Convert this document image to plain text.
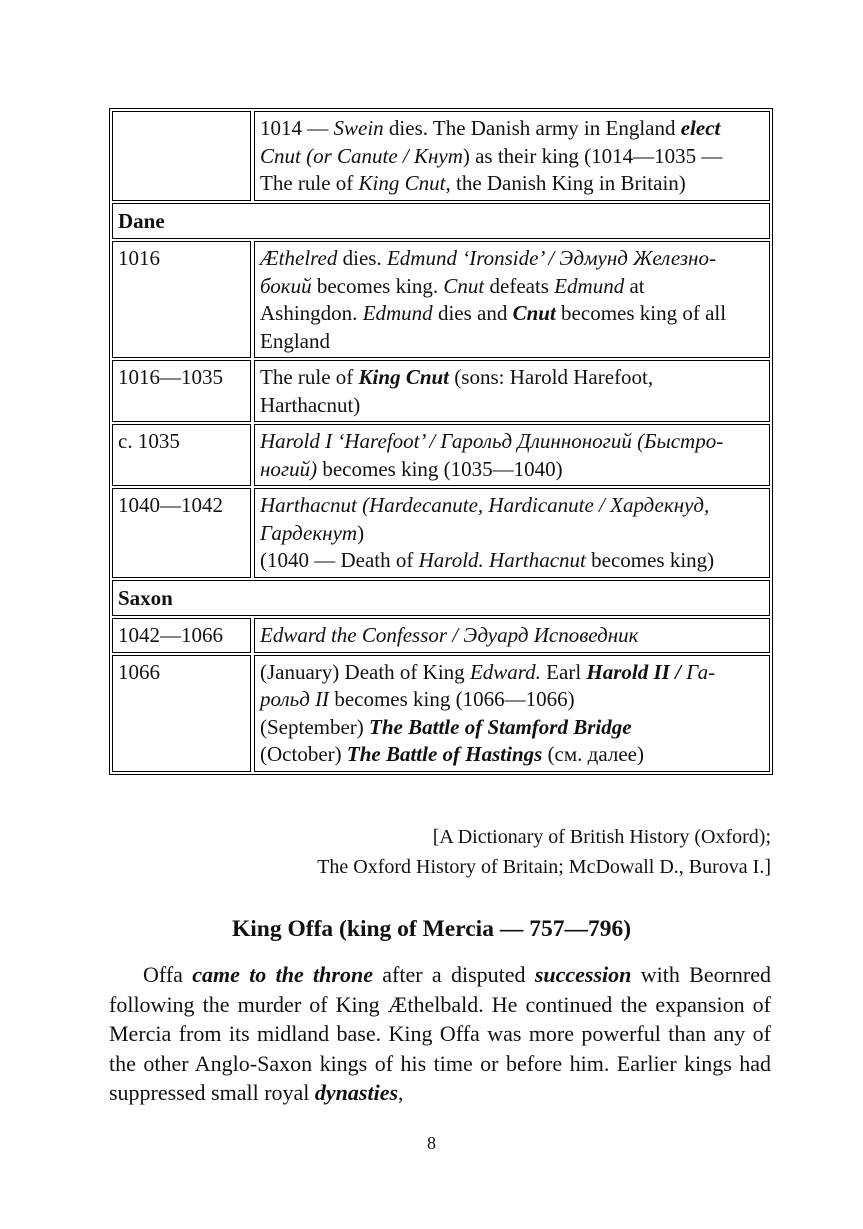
		1014 — Swein dies. The Danish army in England elect
Cnut (or Canute / Кнут) as their king (1014—1035 —
The rule of King Cnut, the Danish King in Britain)
Dane		
1016		Æthelred dies. Edmund ‘Ironside’ / Эдмунд Железно-
бокий becomes king. Cnut defeats Edmund at
Ashingdon. Edmund dies and Cnut becomes king of all
England
1016—1035		The rule of King Cnut (sons: Harold Harefoot,
Harthacnut)
c. 1035		Harold I ‘Harefoot’ / Гарольд Длинноногий (Быстро-
ногий) becomes king (1035—1040)
1040—1042		Harthacnut (Hardecanute, Hardicanute / Хардекнуд,
Гардекнут)
(1040 — Death of Harold. Harthacnut becomes king)
Saxon		
1042—1066		Edward the Confessor / Эдуард Исповедник
1066		(January) Death of King Edward. Earl Harold II / Га-
рольд II becomes king (1066—1066)
(September) The Battle of Stamford Bridge
(October) The Battle of Hastings (см. далее)
[A Dictionary of British History (Oxford);
The Oxford History of Britain; McDowall D., Burova I.]
King Offa (king of Mercia — 757—796)
Offa came to the throne after a disputed succession with Beornred following the murder of King Æthelbald. He continued the expansion of Mercia from its midland base. King Offa was more powerful than any of the other Anglo-Saxon kings of his time or before him. Earlier kings had suppressed small royal dynasties,
8
